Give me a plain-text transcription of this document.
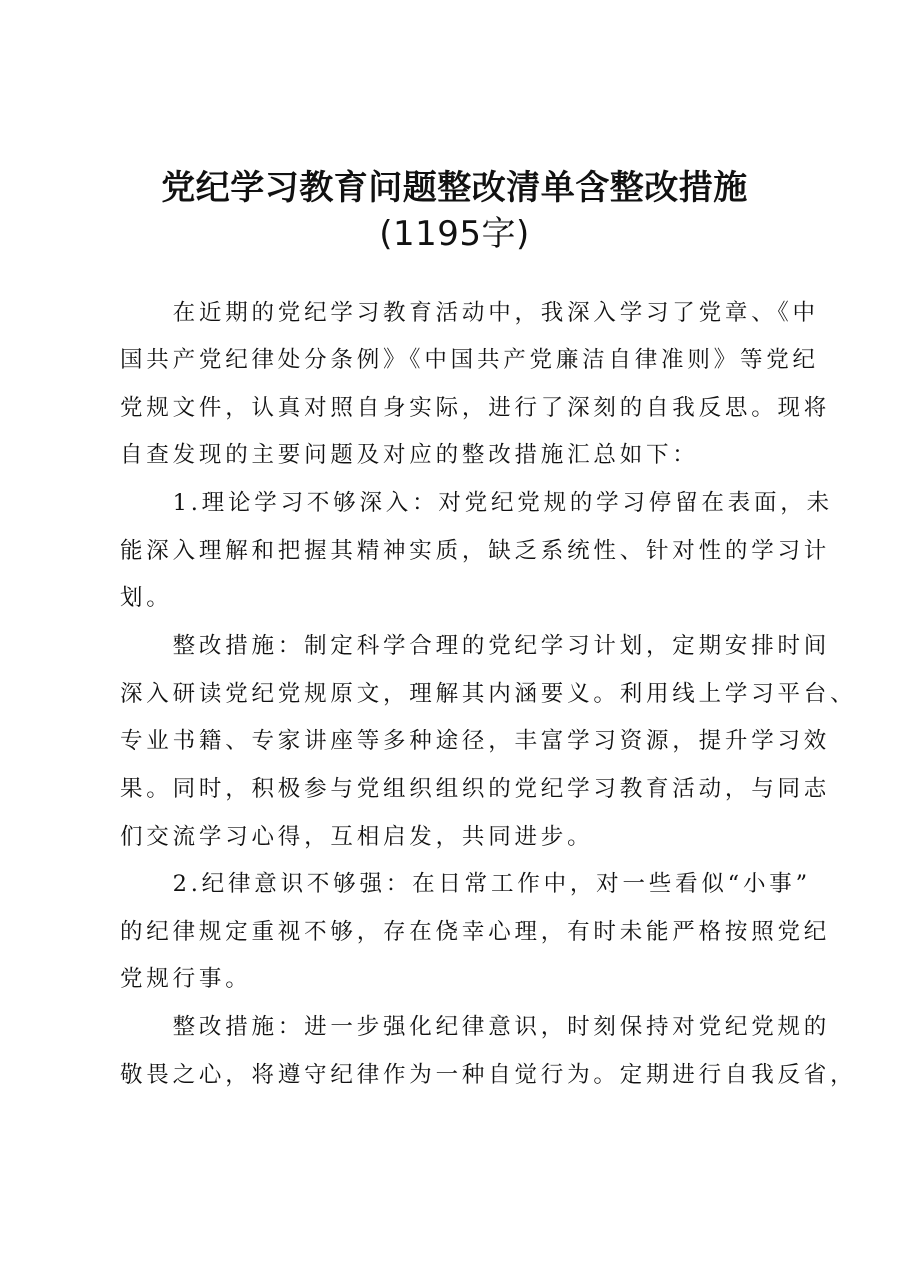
党纪学习教育问题整改清单含整改措施
(1195字)
　　在近期的党纪学习教育活动中，我深入学习了党章、《中
国共产党纪律处分条例》《中国共产党廉洁自律准则》等党纪
党规文件，认真对照自身实际，进行了深刻的自我反思。现将
自查发现的主要问题及对应的整改措施汇总如下：
　　1.理论学习不够深入：对党纪党规的学习停留在表面，未
能深入理解和把握其精神实质，缺乏系统性、针对性的学习计
划。
　　整改措施：制定科学合理的党纪学习计划，定期安排时间
深入研读党纪党规原文，理解其内涵要义。利用线上学习平台、
专业书籍、专家讲座等多种途径，丰富学习资源，提升学习效
果。同时，积极参与党组织组织的党纪学习教育活动，与同志
们交流学习心得，互相启发，共同进步。
　　2.纪律意识不够强：在日常工作中，对一些看似“小事”
的纪律规定重视不够，存在侥幸心理，有时未能严格按照党纪
党规行事。
　　整改措施：进一步强化纪律意识，时刻保持对党纪党规的
敬畏之心，将遵守纪律作为一种自觉行为。定期进行自我反省，
